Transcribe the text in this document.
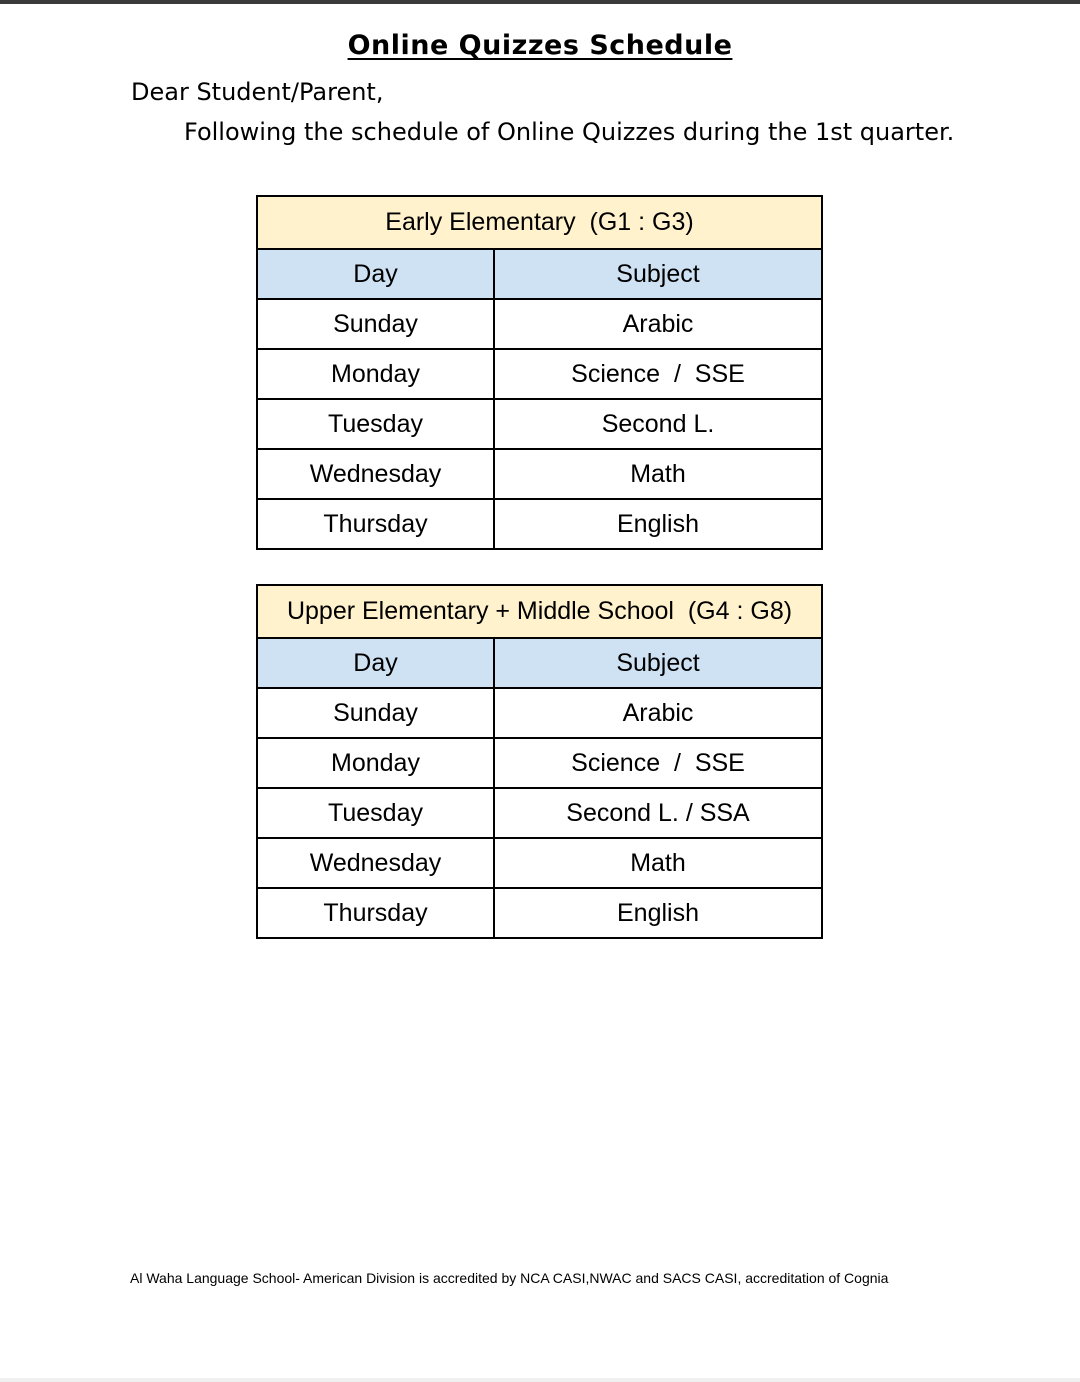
Online Quizzes Schedule
Dear Student/Parent,
Following the schedule of Online Quizzes during the 1st quarter.
Early Elementary  (G1 : G3)	
Day	Subject
Sunday	Arabic
Monday	Science  /  SSE
Tuesday	Second L.
Wednesday	Math
Thursday	English
Upper Elementary + Middle School  (G4 : G8)	
Day	Subject
Sunday	Arabic
Monday	Science  /  SSE
Tuesday	Second L. / SSA
Wednesday	Math
Thursday	English
Al Waha Language School- American Division is accredited by NCA CASI,NWAC and SACS CASI, accreditation of Cognia
